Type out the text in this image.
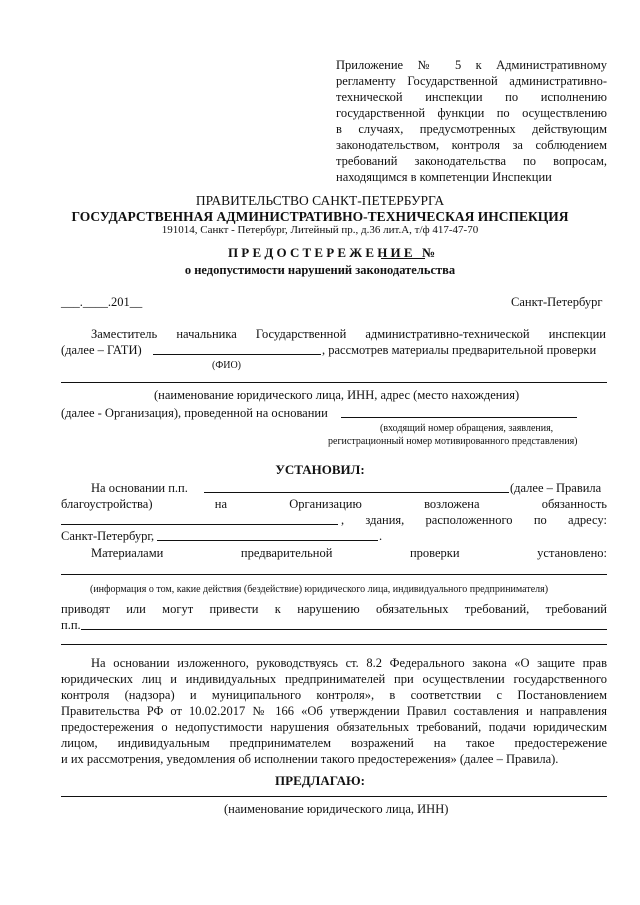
Приложение № 5 к Административному
регламенту Государственной административно-
технической инспекции по исполнению
государственной функции по осуществлению
в случаях, предусмотренных действующим
законодательством, контроля за соблюдением
требований законодательства по вопросам,
находящимся в компетенции Инспекции
ПРАВИТЕЛЬСТВО САНКТ-ПЕТЕРБУРГА
ГОСУДАРСТВЕННАЯ АДМИНИСТРАТИВНО-ТЕХНИЧЕСКАЯ ИНСПЕКЦИЯ
191014, Санкт - Петербург, Литейный пр., д.36 лит.А, т/ф 417-47-70
ПРЕДОСТЕРЕЖЕНИЕ №
о недопустимости нарушений законодательства
___.____.201__	Санкт-Петербург
Заместитель начальника Государственной административно-технической инспекции
(далее – ГАТИ)	, рассмотрев материалы предварительной проверки
(ФИО)
(наименование юридического лица, ИНН, адрес (место нахождения)
(далее - Организация), проведенной на основании
(входящий номер обращения, заявления,
регистрационный номер мотивированного представления)
УСТАНОВИЛ:
На основании п.п.	(далее – Правила
благоустройства) на Организацию возложена обязанность
, здания, расположенного по адресу:
Санкт-Петербург,	.
Материалами предварительной проверки установлено:
(информация о том, какие действия (бездействие) юридического лица, индивидуального предпринимателя)
приводят или могут привести к нарушению обязательных требований, требований
п.п.
На основании изложенного, руководствуясь ст. 8.2 Федерального закона «О защите прав
юридических лиц и индивидуальных предпринимателей при осуществлении государственного
контроля (надзора) и муниципального контроля», в соответствии с Постановлением
Правительства РФ от 10.02.2017 № 166 «Об утверждении Правил составления и направления
предостережения о недопустимости нарушения обязательных требований, подачи юридическим
лицом, индивидуальным предпринимателем возражений на такое предостережение
и их рассмотрения, уведомления об исполнении такого предостережения» (далее – Правила).
ПРЕДЛАГАЮ:
(наименование юридического лица, ИНН)
